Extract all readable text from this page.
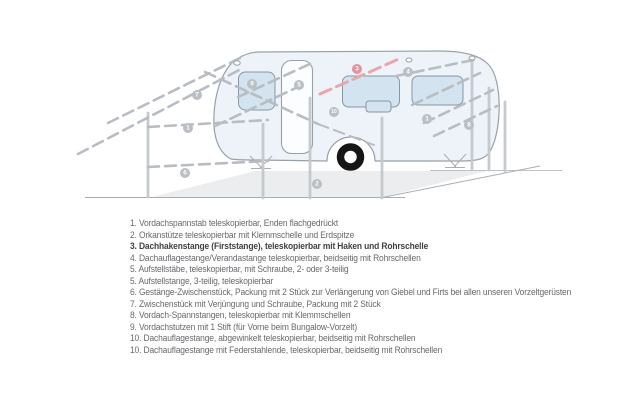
7
1
6
9	5
3	4
10
1
8
2
1. Vordachspannstab teleskopierbar, Enden flachgedrückt
2. Orkanstütze teleskopierbar mit Klemmschelle und Erdspitze
3. Dachhakenstange (Firststange), teleskopierbar mit Haken und Rohrschelle
4. Dachauflagestange/Verandastange teleskopierbar, beidseitig mit Rohrschellen
5. Aufstellstäbe, teleskopierbar, mit Schraube, 2- oder 3-teilig
5. Aufstellstange, 3-teilig, teleskopierbar
6. Gestänge-Zwischenstück, Packung mit 2 Stück zur Verlängerung von Giebel und Firts bei allen unseren Vorzeltgerüsten
7. Zwischenstück mit Verjüngung und Schraube, Packung mit 2 Stück
8. Vordach-Spannstangen, teleskopierbar mit Klemmschellen
9. Vordachstutzen mit 1 Stift (für Vorne beim Bungalow-Vorzelt)
10. Dachauflagestange, abgewinkelt teleskopierbar, beidseitig mit Rohrschellen
10. Dachauflagestange mit Federstahlende, teleskopierbar, beidseitig mit Rohrschellen
